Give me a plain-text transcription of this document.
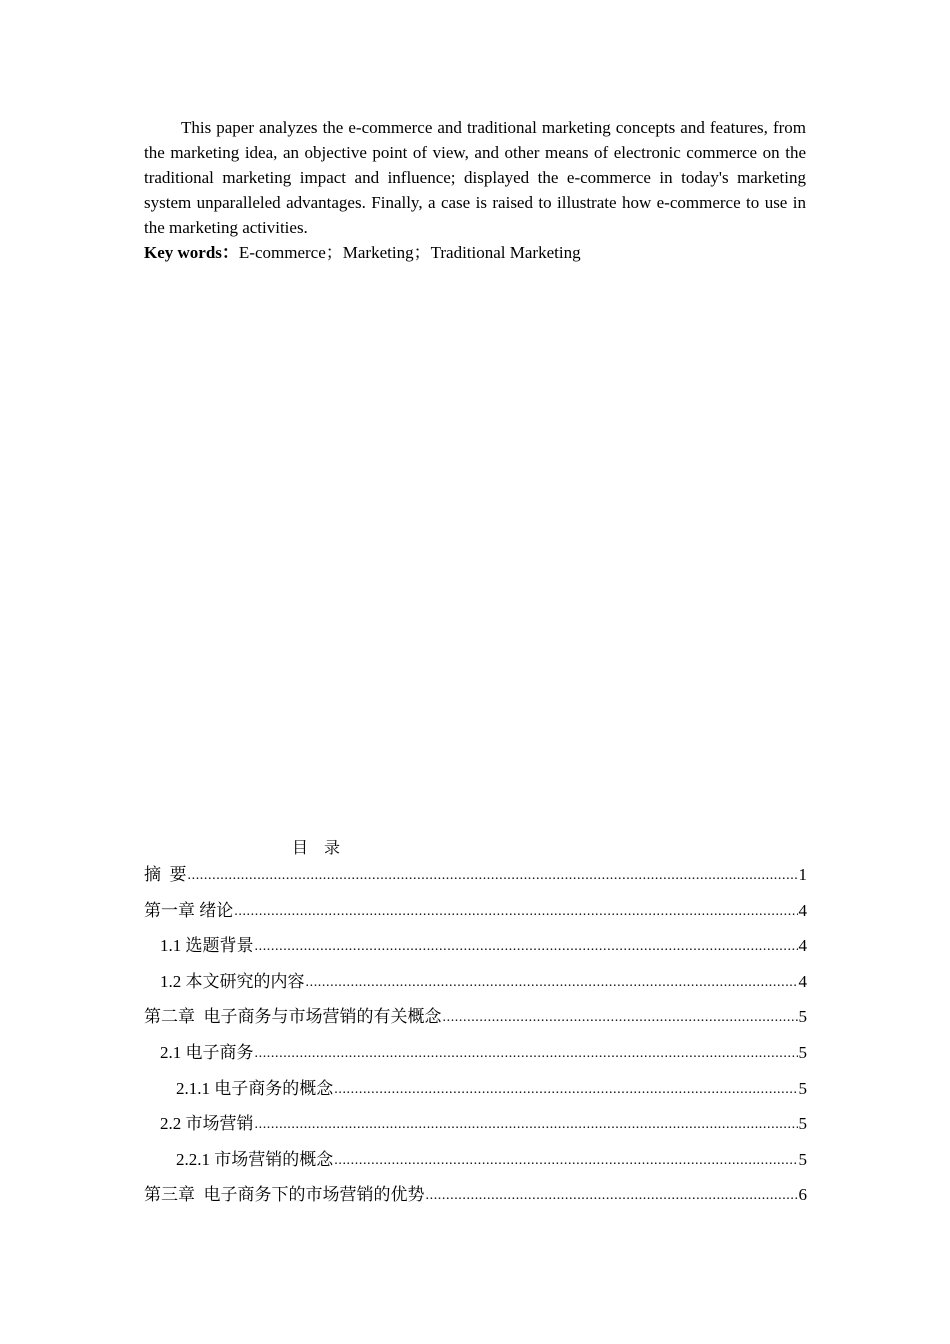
This paper analyzes the e-commerce and traditional marketing concepts and features, from the marketing idea, an objective point of view, and other means of electronic commerce on the traditional marketing impact and influence; displayed the e-commerce in today's marketing system unparalleled advantages. Finally, a case is raised to illustrate how e-commerce to use in the marketing activities.

Key words：E-commerce；Marketing；Traditional Marketing

目 录
摘  要 .....	1
第一章 绪论 .....	4
1.1 选题背景 .....	4
1.2 本文研究的内容 .....	4
第二章  电子商务与市场营销的有关概念 .....	5
2.1 电子商务 .....	5
2.1.1 电子商务的概念 .....	5
2.2 市场营销 .....	5
2.2.1 市场营销的概念 .....	5
第三章  电子商务下的市场营销的优势 .....	6
